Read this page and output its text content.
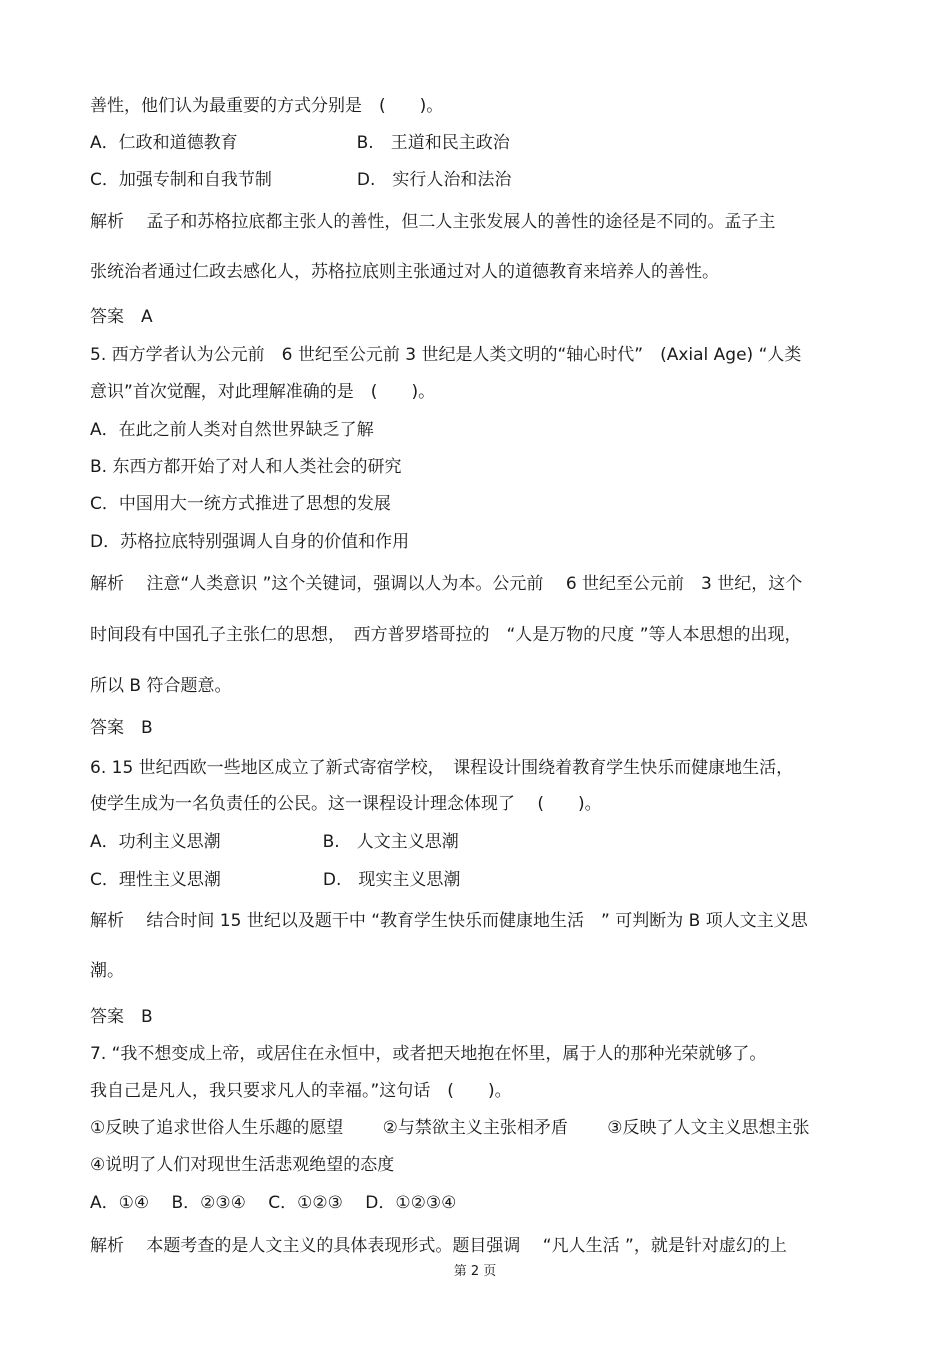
善性，他们认为最重要的方式分别是　(　　)。
A．仁政和道德教育　　　　　　　B.　王道和民主政治
C．加强专制和自我节制　　　　　D.　实行人治和法治
解析　 孟子和苏格拉底都主张人的善性，但二人主张发展人的善性的途径是不同的。孟子主
张统治者通过仁政去感化人，苏格拉底则主张通过对人的道德教育来培养人的善性。
答案　A
5. 西方学者认为公元前　6 世纪至公元前 3 世纪是人类文明的“轴心时代”　(Axial Age) “人类
意识”首次觉醒，对此理解准确的是　(　　)。
A．在此之前人类对自然世界缺乏了解
B. 东西方都开始了对人和人类社会的研究
C．中国用大一统方式推进了思想的发展
D．苏格拉底特别强调人自身的价值和作用
解析　 注意“人类意识 ”这个关键词，强调以人为本。公元前　 6 世纪至公元前　3 世纪，这个
时间段有中国孔子主张仁的思想，　西方普罗塔哥拉的　“人是万物的尺度 ”等人本思想的出现，
所以 B 符合题意。
答案　B
6. 15 世纪西欧一些地区成立了新式寄宿学校，　课程设计围绕着教育学生快乐而健康地生活，
使学生成为一名负责任的公民。这一课程设计理念体现了　 (　　)。
A．功利主义思潮　　　　　　B.　人文主义思潮
C．理性主义思潮　　　　　　D.　现实主义思潮
解析　 结合时间 15 世纪以及题干中 “教育学生快乐而健康地生活　” 可判断为 B 项人文主义思
潮。
答案　B
7. “我不想变成上帝，或居住在永恒中，或者把天地抱在怀里，属于人的那种光荣就够了。
我自己是凡人，我只要求凡人的幸福。”这句话　(　　)。
①反映了追求世俗人生乐趣的愿望　　 ②与禁欲主义主张相矛盾　　 ③反映了人文主义思想主张
④说明了人们对现世生活悲观绝望的态度
A．①④　 B．②③④　 C．①②③　 D．①②③④
解析　 本题考查的是人文主义的具体表现形式。题目强调　 “凡人生活 ”，就是针对虚幻的上
第 2 页
